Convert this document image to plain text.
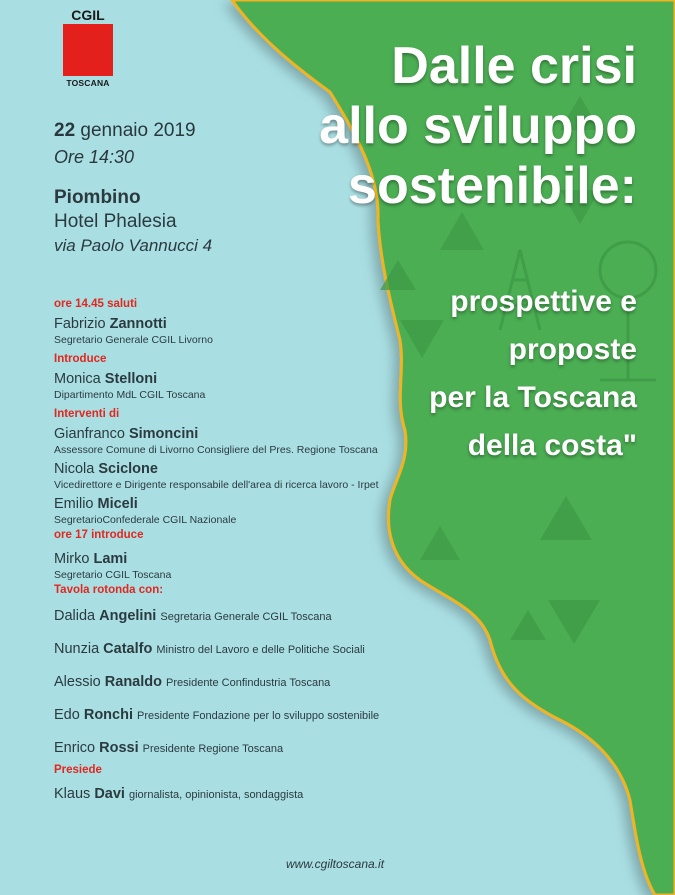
CGIL
TOSCANA	Dalle crisi
allo sviluppo
sostenibile:
prospettive e
proposte
per la Toscana
della costa"
22 gennaio 2019
Ore 14:30
Piombino
Hotel Phalesia
via Paolo Vannucci 4
ore 14.45 saluti
Fabrizio Zannotti
Segretario Generale CGIL Livorno
Introduce
Monica Stelloni
Dipartimento MdL CGIL Toscana
Interventi di
Gianfranco Simoncini
Assessore Comune di Livorno Consigliere del Pres. Regione Toscana
Nicola Sciclone
Vicedirettore e Dirigente responsabile dell'area di ricerca lavoro - Irpet
Emilio Miceli
SegretarioConfederale CGIL Nazionale
ore 17 introduce
Mirko Lami
Segretario CGIL Toscana
Tavola rotonda con:
Dalida Angelini Segretaria Generale CGIL Toscana
Nunzia Catalfo Ministro del Lavoro e delle Politiche Sociali
Alessio Ranaldo Presidente Confindustria Toscana
Edo Ronchi Presidente Fondazione per lo sviluppo sostenibile
Enrico Rossi Presidente Regione Toscana
Presiede
Klaus Davi giornalista, opinionista, sondaggista
www.cgiltoscana.it
